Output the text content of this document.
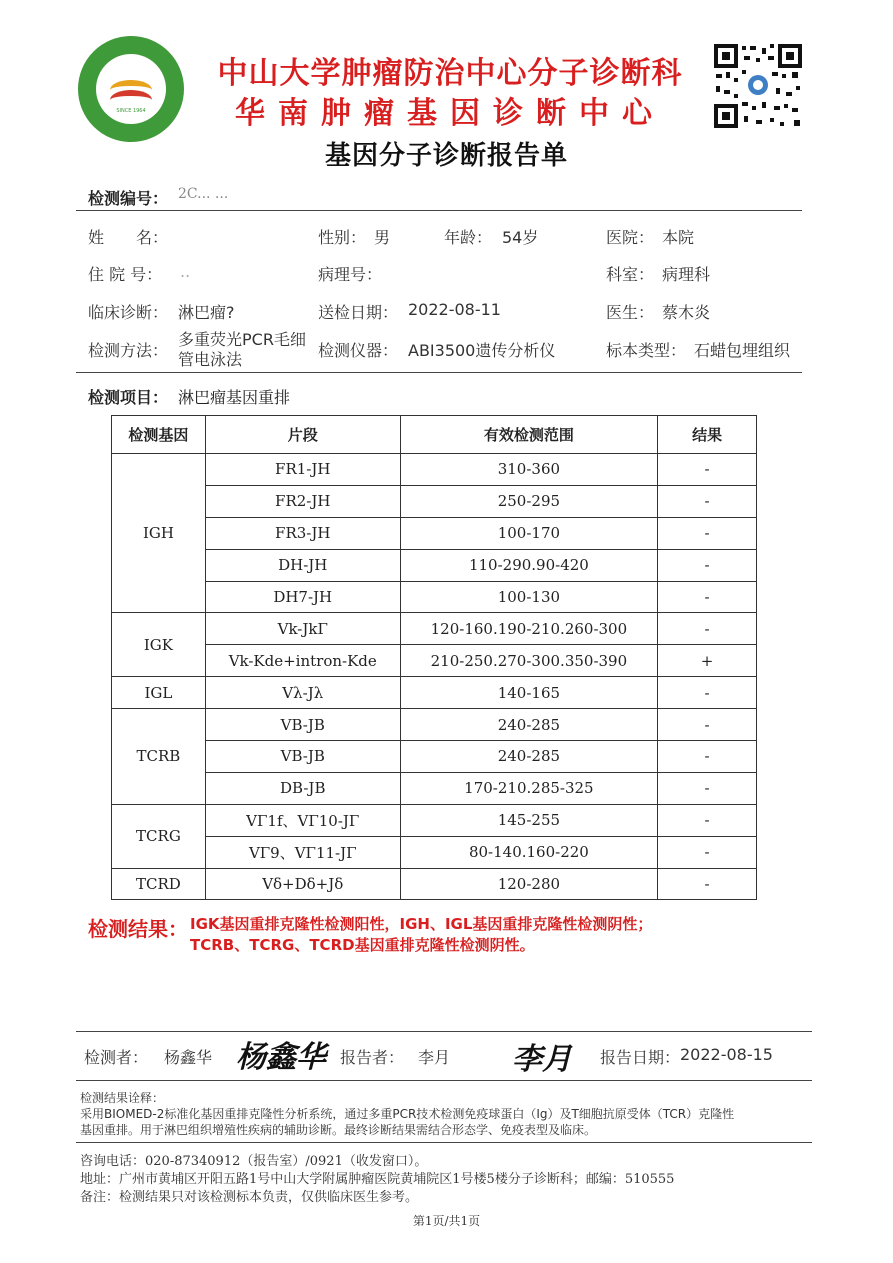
SINCE 1964
中山大学肿瘤防治中心分子诊断科
华南肿瘤基因诊断中心
基因分子诊断报告单
检测编号： 2C... ...
姓　　名：	性别： 男	年龄： 54岁	医院： 本院
住 院 号： ..	病理号：	科室： 病理科
临床诊断： 淋巴瘤?	送检日期： 2022-08-11	医生： 蔡木炎
检测方法：
多重荧光PCR毛细
管电泳法	检测仪器： ABI3500遗传分析仪	标本类型： 石蜡包埋组织
检测项目： 淋巴瘤基因重排
检测基因	片段	有效检测范围	结果
IGH	FR1-JH	310-360	-
	FR2-JH	250-295	-
	FR3-JH	100-170	-
	DH-JH	110-290.90-420	-
	DH7-JH	100-130	-
IGK	Vk-JkΓ	120-160.190-210.260-300	-
	Vk-Kde+intron-Kde	210-250.270-300.350-390	+
IGL	Vλ-Jλ	140-165	-
TCRB	VB-JB	240-285	-
	VB-JB	240-285	-
	DB-JB	170-210.285-325	-
TCRG	VΓ1f、VΓ10-JΓ	145-255	-
	VΓ9、VΓ11-JΓ	80-140.160-220	-
TCRD	Vδ+Dδ+Jδ	120-280	-
检测结果： IGK基因重排克隆性检测阳性，IGH、IGL基因重排克隆性检测阴性；
TCRB、TCRG、TCRD基因重排克隆性检测阴性。
检测者： 杨鑫华 杨鑫华 报告者： 李月 李月 报告日期： 2022-08-15
检测结果诠释：
采用BIOMED-2标准化基因重排克隆性分析系统，通过多重PCR技术检测免疫球蛋白（Ig）及T细胞抗原受体（TCR）克隆性
基因重排。用于淋巴组织增殖性疾病的辅助诊断。最终诊断结果需结合形态学、免疫表型及临床。
咨询电话：020-87340912（报告室）/0921（收发窗口）。
地址：广州市黄埔区开阳五路1号中山大学附属肿瘤医院黄埔院区1号楼5楼分子诊断科；邮编：510555
备注：检测结果只对该检测标本负责，仅供临床医生参考。
第1页/共1页
